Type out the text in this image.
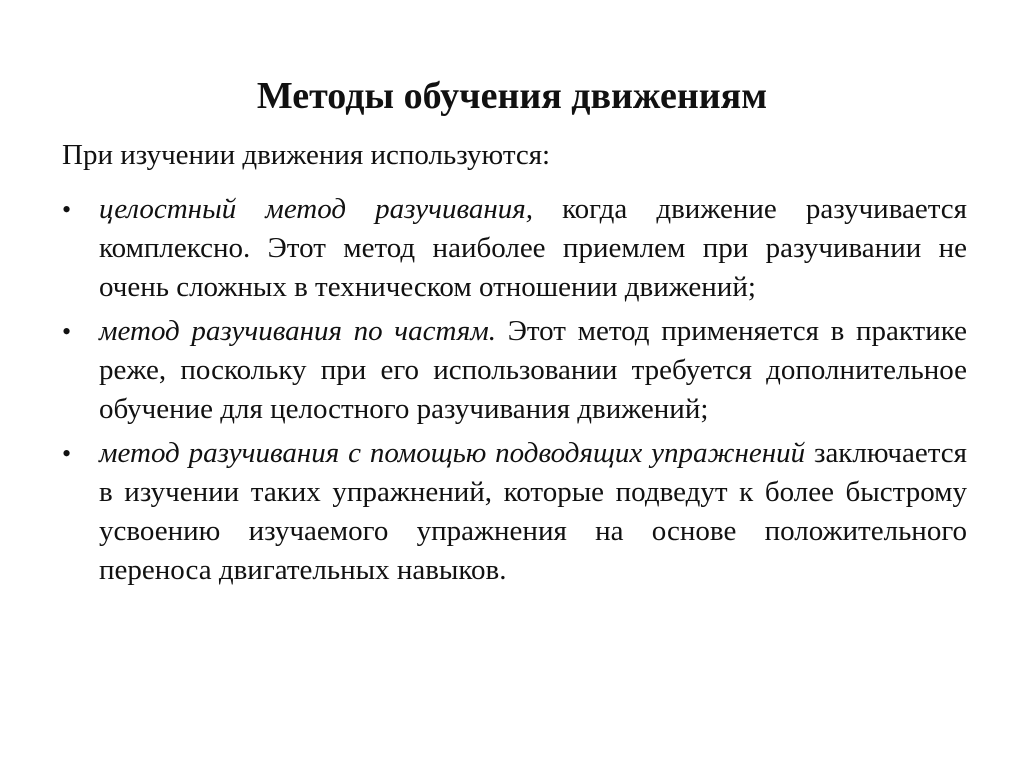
Методы обучения движениям

При изучении движения используются:

• целостный метод разучивания, когда движение разучивается комплексно. Этот метод наиболее приемлем при разучивании не очень сложных в техническом отношении движений;
• метод разучивания по частям. Этот метод применяется в практике реже, поскольку при его использовании требуется дополнительное обучение для целостного разучивания движений;
• метод разучивания с помощью подводящих упражнений заключается в изучении таких упражнений, которые подведут к более быстрому усвоению изучаемого упражнения на основе положительного переноса двигательных навыков.
